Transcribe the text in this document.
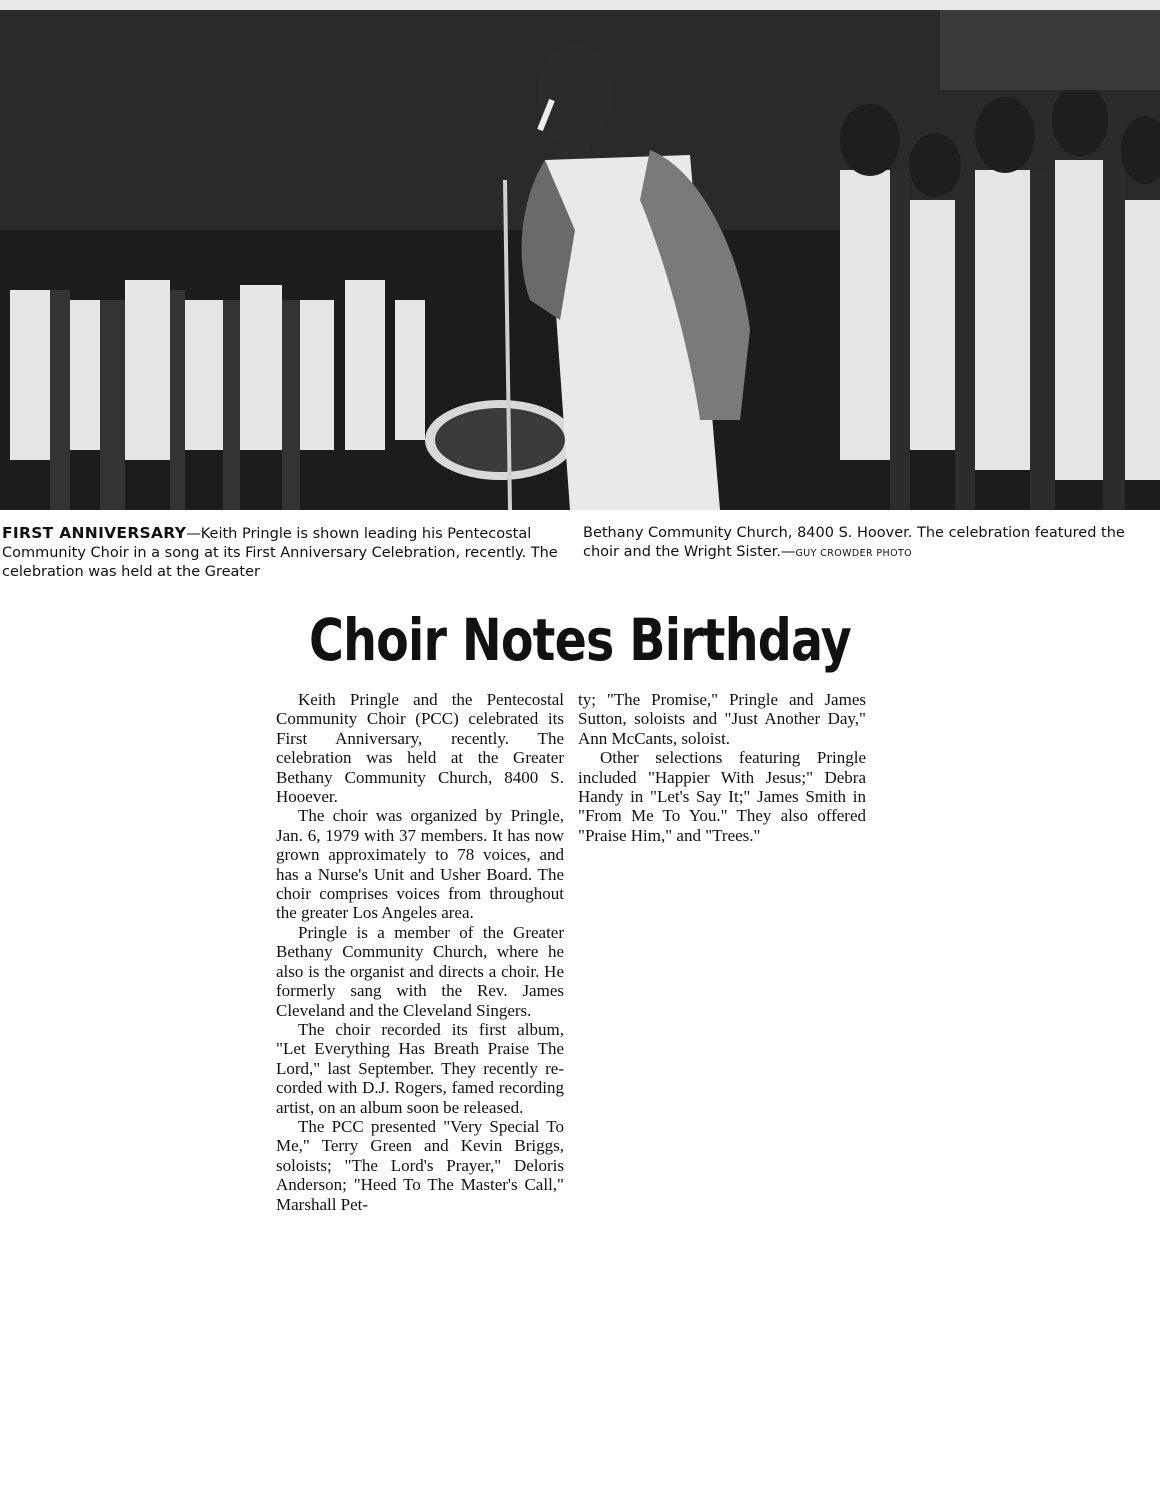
FIRST ANNIVERSARY—Keith Pringle is shown leading his Pentecostal Community Choir in a song at its First Anniversary Celebration, recently. The celebration was held at the Greater
Bethany Community Church, 8400 S. Hoover. The celebration featured the choir and the Wright Sister.—GUY CROWDER PHOTO
Choir Notes Birthday

Keith Pringle and the Pentecostal Community Choir (PCC) celebrated its First Anniversary, recently. The celebration was held at the Greater Bethany Community Church, 8400 S. Hooever.

The choir was organized by Pringle, Jan. 6, 1979 with 37 members. It has now grown approximately to 78 voices, and has a Nurse's Unit and Usher Board. The choir comprises voices from throughout the greater Los Angeles area.

Pringle is a member of the Greater Bethany Community Church, where he also is the organist and directs a choir. He formerly sang with the Rev. James Cleveland and the Cleveland Singers.

The choir recorded its first album, "Let Everything Has Breath Praise The Lord," last September. They recently recorded with D.J. Rogers, famed recording artist, on an album soon be released.

The PCC presented "Very Special To Me," Terry Green and Kevin Briggs, soloists; "The Lord's Prayer," Deloris Anderson; "Heed To The Master's Call," Marshall Pet-

ty; "The Promise," Pringle and James Sutton, soloists and "Just Another Day," Ann McCants, soloist.

Other selections featuring Pringle included "Happier With Jesus;" Debra Handy in "Let's Say It;" James Smith in "From Me To You." They also offered "Praise Him," and "Trees."
